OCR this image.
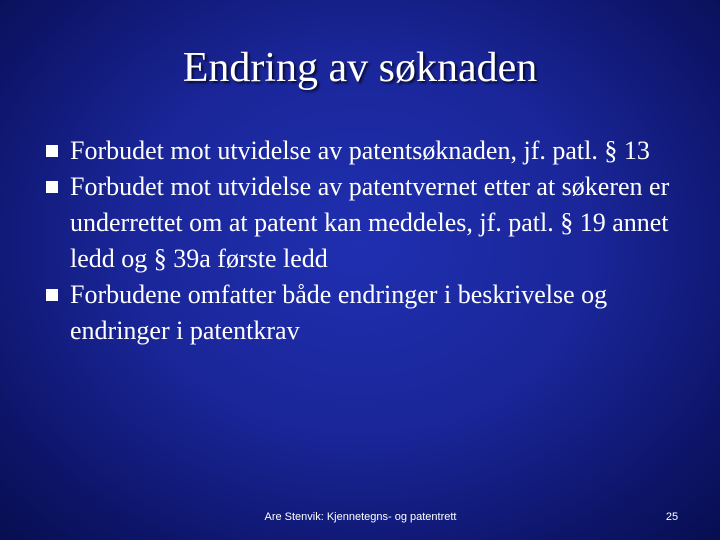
Endring av søknaden
Forbudet mot utvidelse av patentsøknaden, jf. patl. § 13
Forbudet mot utvidelse av patentvernet etter at søkeren er underrettet om at patent kan meddeles, jf. patl. § 19 annet ledd og § 39a første ledd
Forbudene omfatter både endringer i beskrivelse og endringer i patentkrav
Are Stenvik: Kjennetegns- og patentrett	25
